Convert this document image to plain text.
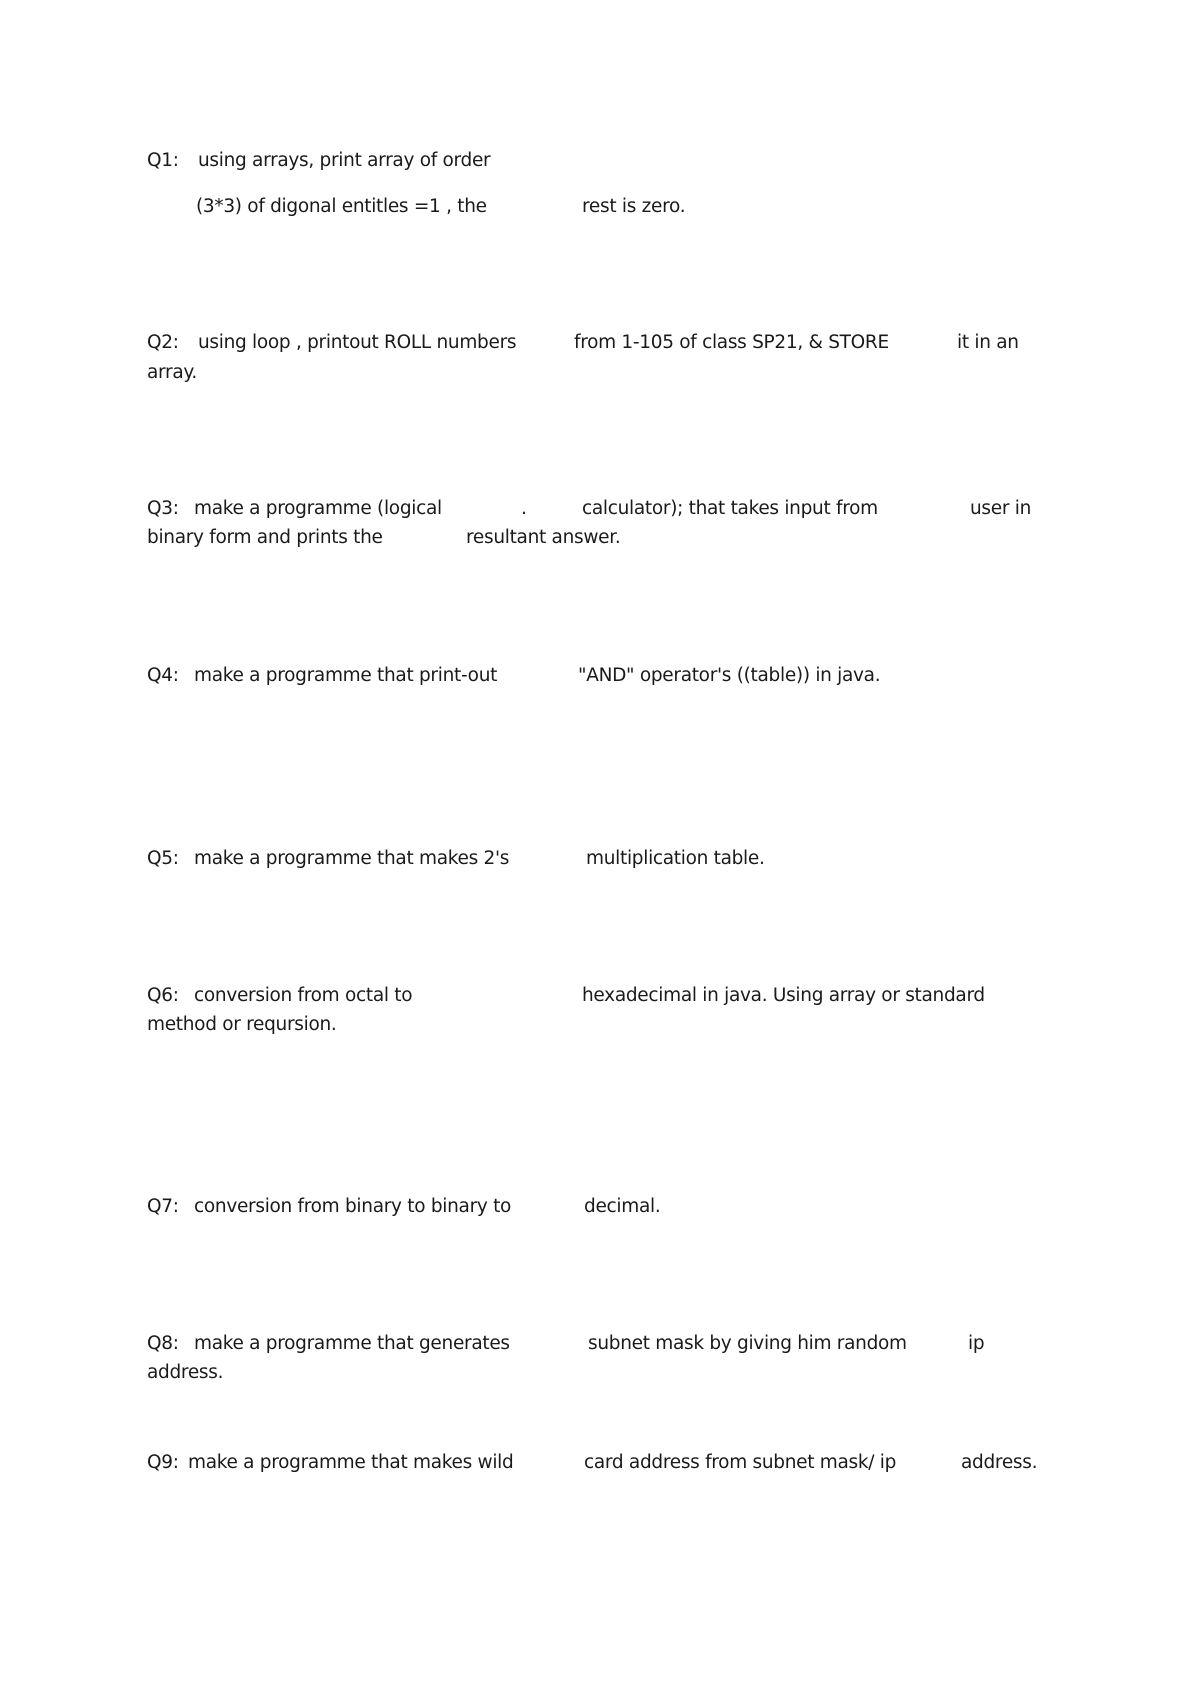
Q1: using arrays, print array of order
(3*3) of digonal entitles =1 , the	rest is zero.
Q2: using loop , printout ROLL numbers	from 1-105 of class SP21, & STORE	it in an
array.
Q3: make a programme (logical	.	calculator); that takes input from	user in
binary form and prints the	resultant answer.
Q4: make a programme that print-out	"AND" operator's ((table)) in java.
Q5: make a programme that makes 2's	multiplication table.
Q6: conversion from octal to	hexadecimal in java. Using array or standard
method or reqursion.
Q7: conversion from binary to binary to	decimal.
Q8: make a programme that generates	subnet mask by giving him random	ip
address.
Q9: make a programme that makes wild	card address from subnet mask/ ip	address.
